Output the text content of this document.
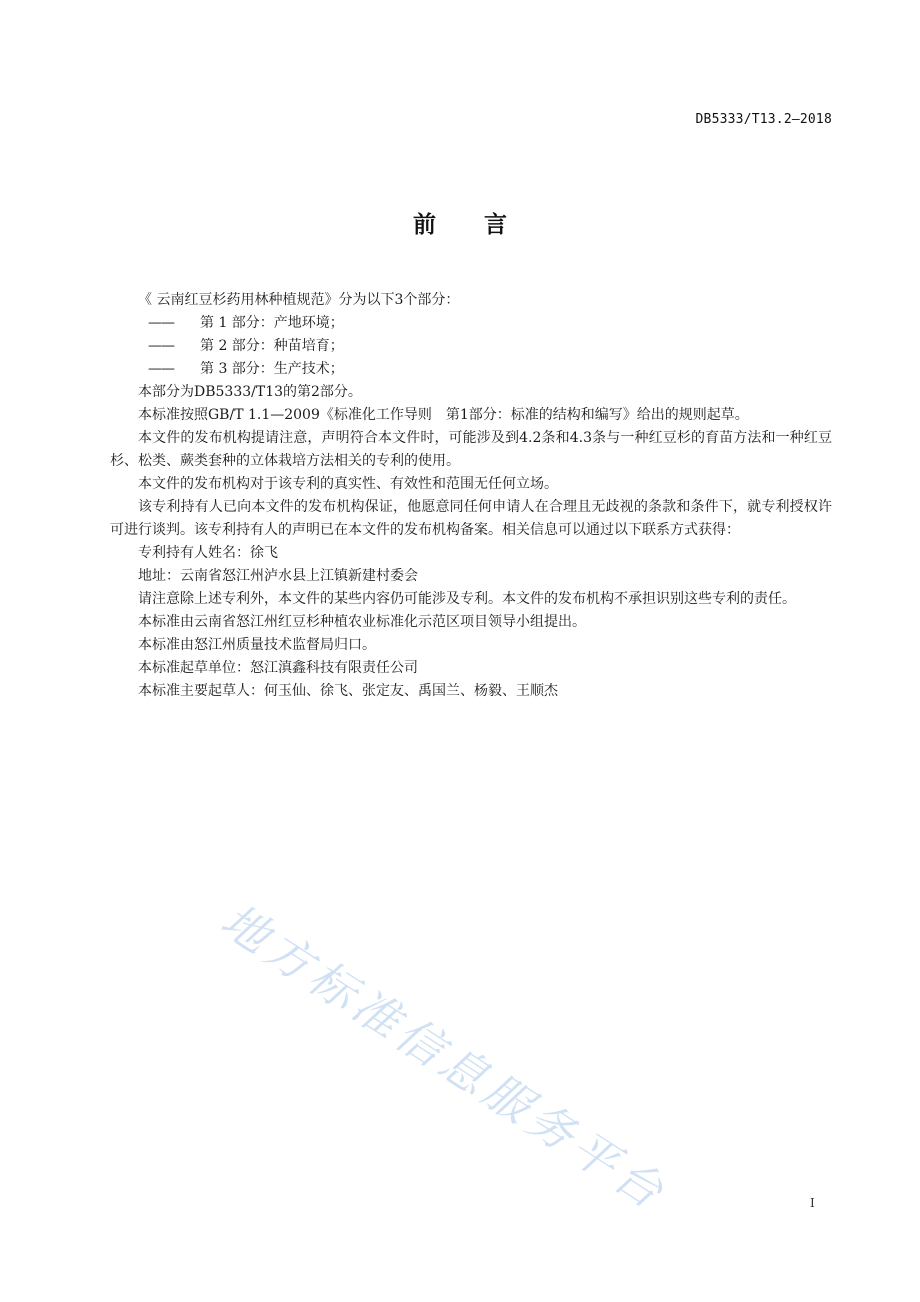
DB5333/T13.2—2018
前言

《 云南红豆杉药用林种植规范》分为以下3个部分：

—— 第 1 部分：产地环境；

—— 第 2 部分：种苗培育；

—— 第 3 部分：生产技术；

本部分为DB5333/T13的第2部分。

本标准按照GB/T 1.1—2009《标准化工作导则　第1部分：标准的结构和编写》给出的规则起草。

本文件的发布机构提请注意，声明符合本文件时，可能涉及到4.2条和4.3条与一种红豆杉的育苗方法和一种红豆杉、松类、蕨类套种的立体栽培方法相关的专利的使用。

本文件的发布机构对于该专利的真实性、有效性和范围无任何立场。

该专利持有人已向本文件的发布机构保证，他愿意同任何申请人在合理且无歧视的条款和条件下，就专利授权许可进行谈判。该专利持有人的声明已在本文件的发布机构备案。相关信息可以通过以下联系方式获得：

专利持有人姓名：徐飞

地址：云南省怒江州泸水县上江镇新建村委会

请注意除上述专利外，本文件的某些内容仍可能涉及专利。本文件的发布机构不承担识别这些专利的责任。

本标准由云南省怒江州红豆杉种植农业标准化示范区项目领导小组提出。

本标准由怒江州质量技术监督局归口。

本标准起草单位：怒江滇鑫科技有限责任公司

本标准主要起草人：何玉仙、徐飞、张定友、禹国兰、杨毅、王顺杰

地方标准信息服务平台	I
